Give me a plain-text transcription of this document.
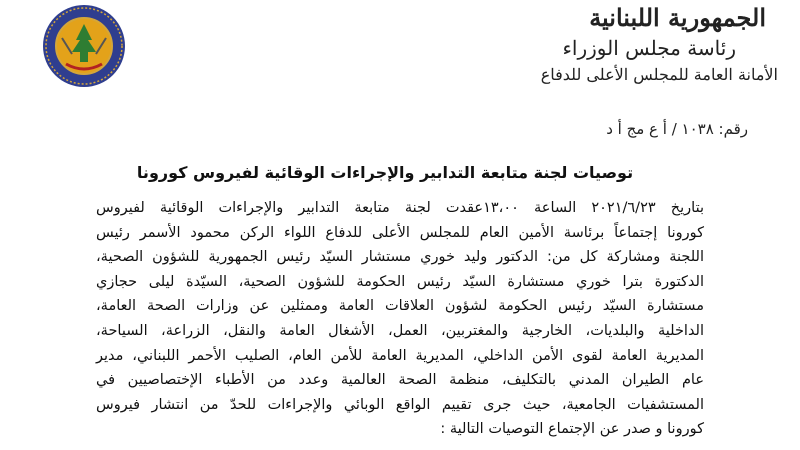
الجمهورية اللبنانية
رئاسة مجلس الوزراء
الأمانة العامة للمجلس الأعلى للدفاع
رقم: ١٠٣٨ / أ ع مج أ د
توصيات لجنة متابعة التدابير والإجراءات الوقائية لفيروس كورونا
بتاريخ ٢٠٢١/٦/٢٣ الساعة ١٣،٠٠عقدت لجنة متابعة التدابير والإجراءات الوقائية لفيروس
كورونا إجتماعاً برئاسة الأمين العام للمجلس الأعلى للدفاع اللواء الركن محمود الأسمر رئيس
اللجنة ومشاركة كل من: الدكتور وليد خوري مستشار السيّد رئيس الجمهورية للشؤون الصحية،
الدكتورة بترا خوري مستشارة السيّد رئيس الحكومة للشؤون الصحية، السيّدة ليلى حجازي
مستشارة السيّد رئيس الحكومة لشؤون العلاقات العامة وممثلين عن وزارات الصحة العامة،
الداخلية والبلديات، الخارجية والمغتربين، العمل، الأشغال العامة والنقل، الزراعة، السياحة،
المديرية العامة لقوى الأمن الداخلي، المديرية العامة للأمن العام، الصليب الأحمر اللبناني، مدير
عام الطيران المدني بالتكليف، منظمة الصحة العالمية وعدد من الأطباء الإختصاصيين في
المستشفيات الجامعية، حيث جرى تقييم الواقع الوبائي والإجراءات للحدّ من انتشار فيروس
كورونا و صدر عن الإجتماع التوصيات التالية :
